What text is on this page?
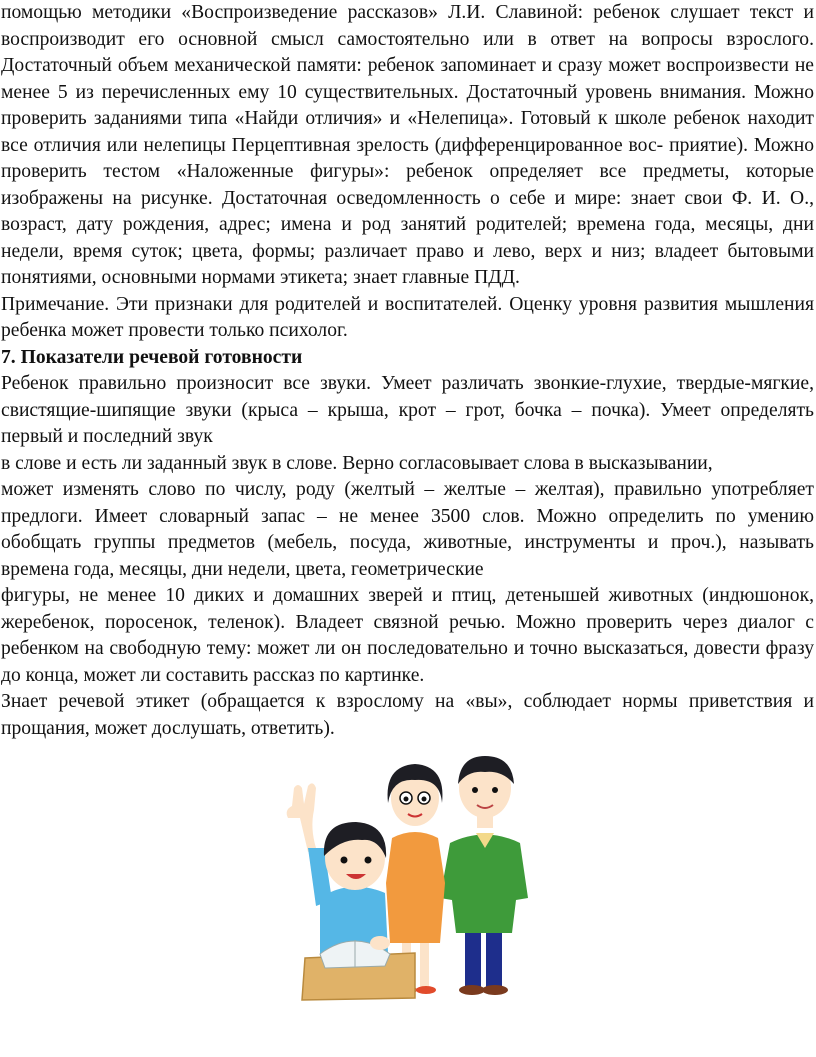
помощью методики «Воспроизведение рассказов» Л.И. Славиной: ребенок слушает текст и воспроизводит его основной смысл самостоятельно или в ответ на вопросы взрослого. Достаточный объем механической памяти: ребенок запоминает и сразу может воспроизвести не менее 5 из перечисленных ему 10 существительных. Достаточный уровень внимания. Можно проверить заданиями типа «Найди отличия» и «Нелепица». Готовый к школе ребенок находит все отличия или нелепицы Перцептивная зрелость (дифференцированное вос- приятие). Можно проверить тестом «Наложенные фигуры»: ребенок определяет все предметы, которые изображены на рисунке. Достаточная осведомленность о себе и мире: знает свои Ф. И. О., возраст, дату рождения, адрес; имена и род занятий родителей; времена года, месяцы, дни недели, время суток; цвета, формы; различает право и лево, верх и низ; владеет бытовыми понятиями, основными нормами этикета; знает главные ПДД.

Примечание. Эти признаки для родителей и воспитателей. Оценку уровня развития мышления ребенка может провести только психолог.

7. Показатели речевой готовности

Ребенок правильно произносит все звуки. Умеет различать звонкие-глухие, твердые-мягкие, свистящие-шипящие звуки (крыса – крыша, крот – грот, бочка – почка). Умеет определять первый и последний звук

в слове и есть ли заданный звук в слове. Верно согласовывает слова в высказывании,

может изменять слово по числу, роду (желтый – желтые – желтая), правильно употребляет предлоги. Имеет словарный запас – не менее 3500 слов. Можно определить по умению обобщать группы предметов (мебель, посуда, животные, инструменты и проч.), называть времена года, месяцы, дни недели, цвета, геометрические

фигуры, не менее 10 диких и домашних зверей и птиц, детенышей животных (индюшонок, жеребенок, поросенок, теленок). Владеет связной речью. Можно проверить через диалог с ребенком на свободную тему: может ли он последовательно и точно высказаться, довести фразу до конца, может ли составить рассказ по картинке.

Знает речевой этикет (обращается к взрослому на «вы», соблюдает нормы приветствия и прощания, может дослушать, ответить).
